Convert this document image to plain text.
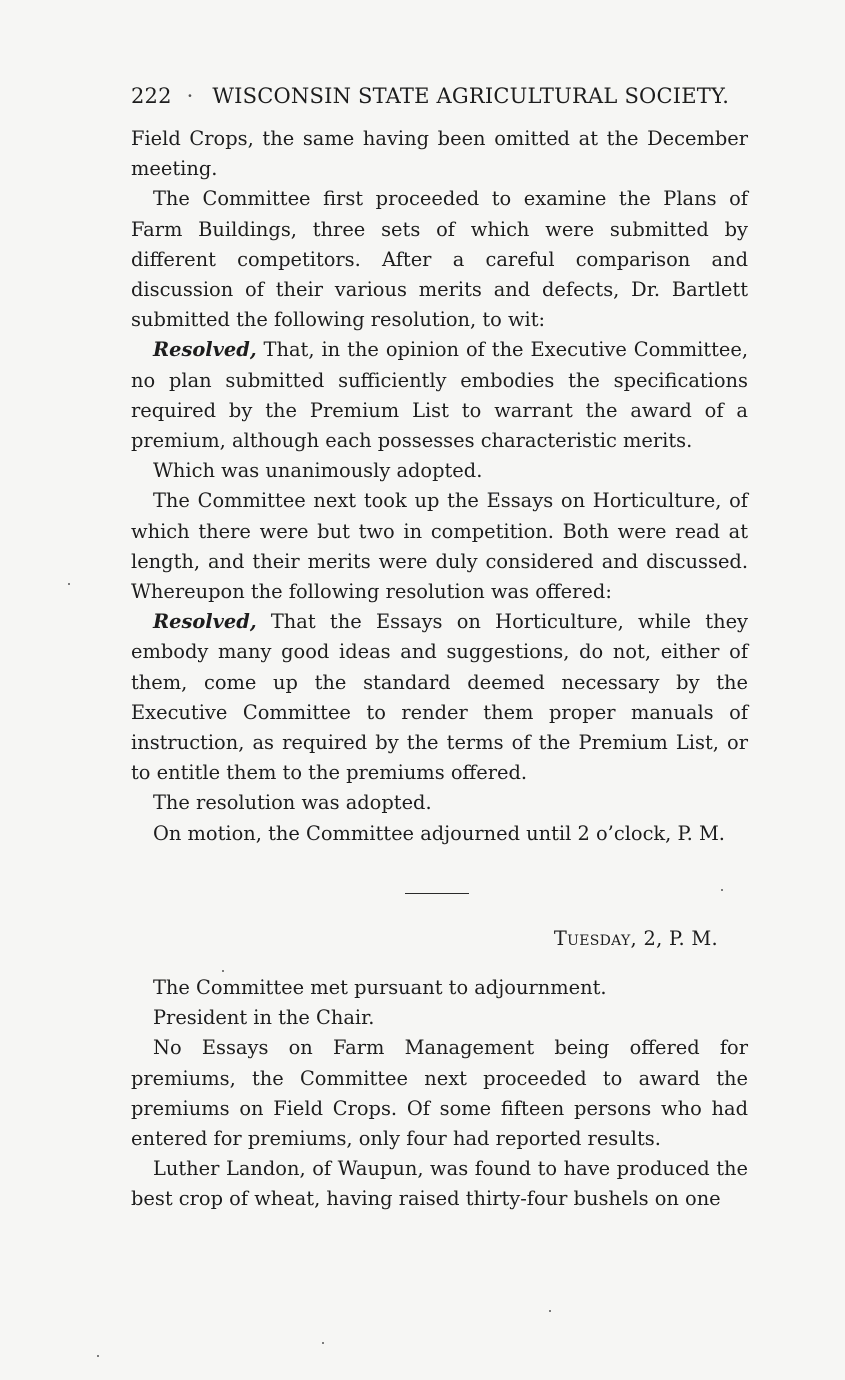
222 · WISCONSIN STATE AGRICULTURAL SOCIETY.

Field Crops, the same having been omitted at the December meeting.

The Committee first proceeded to examine the Plans of Farm Buildings, three sets of which were submitted by different competitors. After a careful comparison and discussion of their various merits and defects, Dr. Bartlett submitted the following resolution, to wit:

Resolved, That, in the opinion of the Executive Committee, no plan submitted sufficiently embodies the specifications required by the Premium List to warrant the award of a premium, although each possesses characteristic merits.

Which was unanimously adopted.

The Committee next took up the Essays on Horticulture, of which there were but two in competition. Both were read at length, and their merits were duly considered and discussed. Whereupon the following resolution was offered:

Resolved, That the Essays on Horticulture, while they embody many good ideas and suggestions, do not, either of them, come up the standard deemed necessary by the Executive Committee to render them proper manuals of instruction, as required by the terms of the Premium List, or to entitle them to the premiums offered.

The resolution was adopted.

On motion, the Committee adjourned until 2 o’clock, P. M.

Tuesday, 2, P. M.

The Committee met pursuant to adjournment.

President in the Chair.

No Essays on Farm Management being offered for premiums, the Committee next proceeded to award the premiums on Field Crops. Of some fifteen persons who had entered for premiums, only four had reported results.

Luther Landon, of Waupun, was found to have produced the best crop of wheat, having raised thirty-four bushels on one
